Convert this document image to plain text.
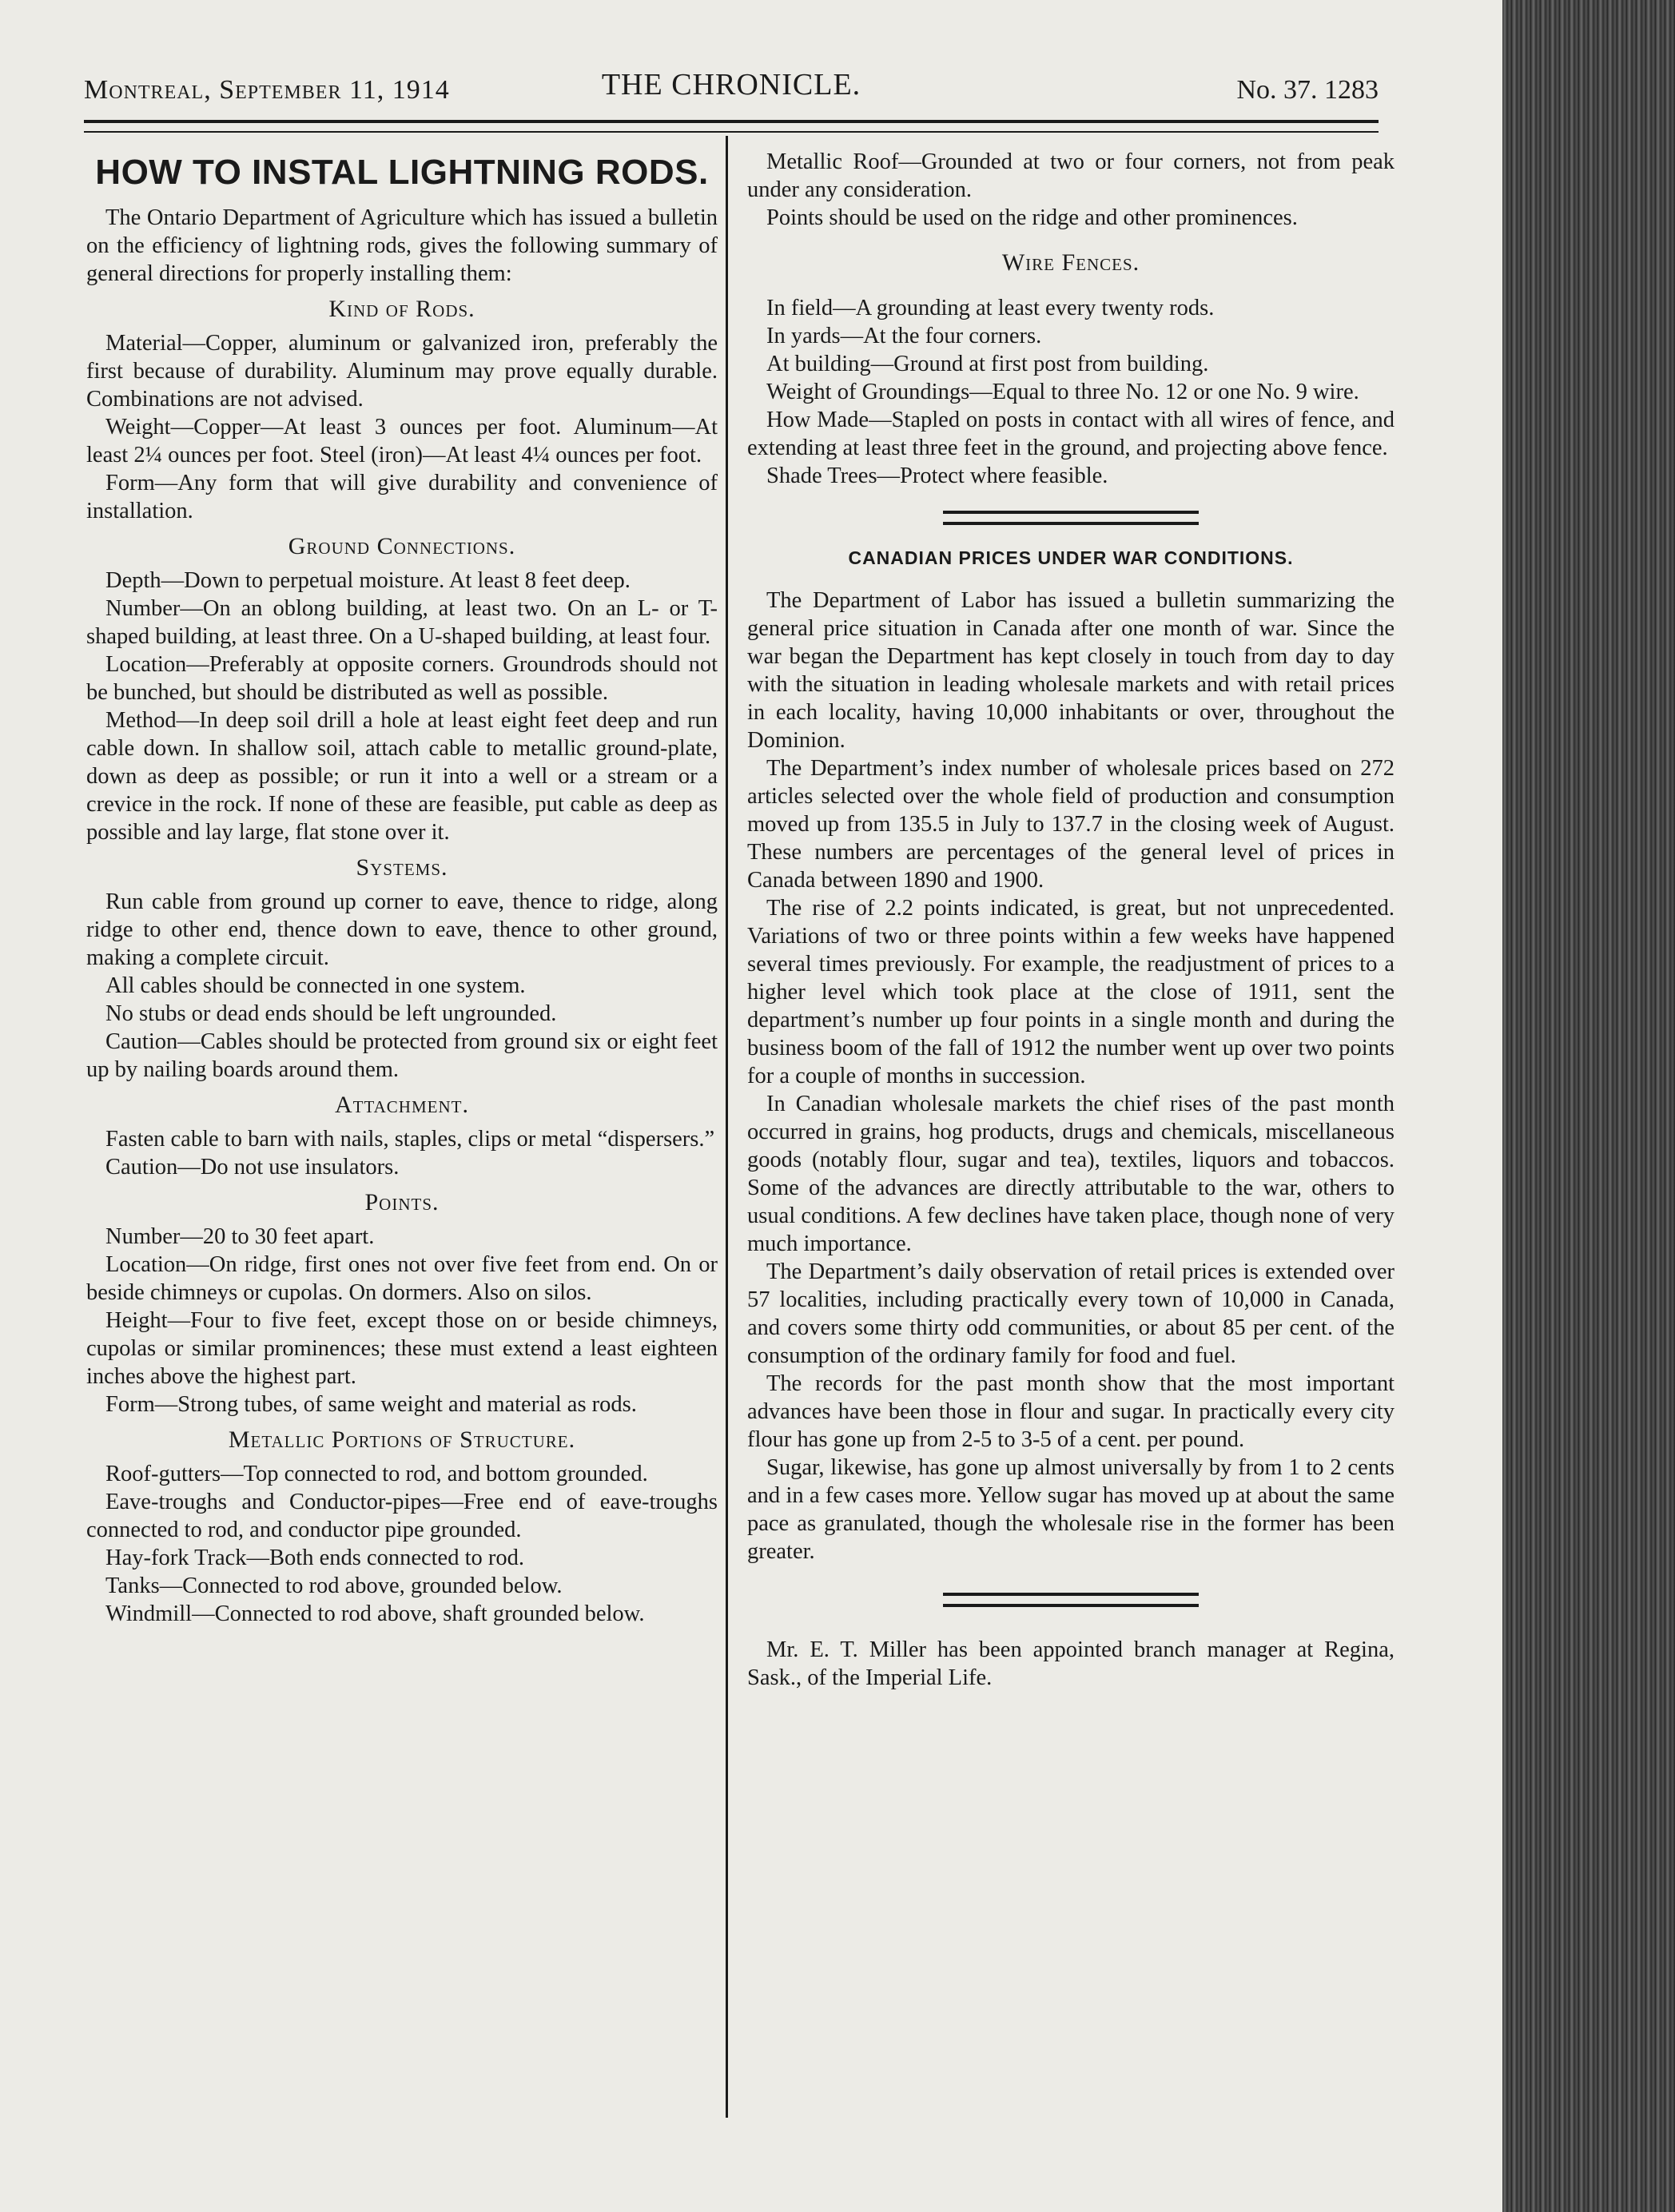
Montreal, September 11, 1914	THE CHRONICLE.	No. 37. 1283
HOW TO INSTAL LIGHTNING RODS.

The Ontario Department of Agriculture which has issued a bulletin on the efficiency of lightning rods, gives the following summary of general directions for properly installing them:

Kind of Rods.

Material—Copper, aluminum or galvanized iron, preferably the first because of durability. Aluminum may prove equally durable. Combinations are not advised.

Weight—Copper—At least 3 ounces per foot. Aluminum—At least 2¼ ounces per foot. Steel (iron)—At least 4¼ ounces per foot.

Form—Any form that will give durability and convenience of installation.

Ground Connections.

Depth—Down to perpetual moisture. At least 8 feet deep.

Number—On an oblong building, at least two. On an L- or T-shaped building, at least three. On a U-shaped building, at least four.

Location—Preferably at opposite corners. Groundrods should not be bunched, but should be distributed as well as possible.

Method—In deep soil drill a hole at least eight feet deep and run cable down. In shallow soil, attach cable to metallic ground-plate, down as deep as possible; or run it into a well or a stream or a crevice in the rock. If none of these are feasible, put cable as deep as possible and lay large, flat stone over it.

Systems.

Run cable from ground up corner to eave, thence to ridge, along ridge to other end, thence down to eave, thence to other ground, making a complete circuit.

All cables should be connected in one system.

No stubs or dead ends should be left ungrounded.

Caution—Cables should be protected from ground six or eight feet up by nailing boards around them.

Attachment.

Fasten cable to barn with nails, staples, clips or metal “dispersers.”

Caution—Do not use insulators.

Points.

Number—20 to 30 feet apart.

Location—On ridge, first ones not over five feet from end. On or beside chimneys or cupolas. On dormers. Also on silos.

Height—Four to five feet, except those on or beside chimneys, cupolas or similar prominences; these must extend a least eighteen inches above the highest part.

Form—Strong tubes, of same weight and material as rods.

Metallic Portions of Structure.

Roof-gutters—Top connected to rod, and bottom grounded.

Eave-troughs and Conductor-pipes—Free end of eave-troughs connected to rod, and conductor pipe grounded.

Hay-fork Track—Both ends connected to rod.

Tanks—Connected to rod above, grounded below.

Windmill—Connected to rod above, shaft grounded below.

Metallic Roof—Grounded at two or four corners, not from peak under any consideration.

Points should be used on the ridge and other prominences.

Wire Fences.

In field—A grounding at least every twenty rods.

In yards—At the four corners.

At building—Ground at first post from building.

Weight of Groundings—Equal to three No. 12 or one No. 9 wire.

How Made—Stapled on posts in contact with all wires of fence, and extending at least three feet in the ground, and projecting above fence.

Shade Trees—Protect where feasible.

CANADIAN PRICES UNDER WAR CONDITIONS.

The Department of Labor has issued a bulletin summarizing the general price situation in Canada after one month of war. Since the war began the Department has kept closely in touch from day to day with the situation in leading wholesale markets and with retail prices in each locality, having 10,000 inhabitants or over, throughout the Dominion.

The Department’s index number of wholesale prices based on 272 articles selected over the whole field of production and consumption moved up from 135.5 in July to 137.7 in the closing week of August. These numbers are percentages of the general level of prices in Canada between 1890 and 1900.

The rise of 2.2 points indicated, is great, but not unprecedented. Variations of two or three points within a few weeks have happened several times previously. For example, the readjustment of prices to a higher level which took place at the close of 1911, sent the department’s number up four points in a single month and during the business boom of the fall of 1912 the number went up over two points for a couple of months in succession.

In Canadian wholesale markets the chief rises of the past month occurred in grains, hog products, drugs and chemicals, miscellaneous goods (notably flour, sugar and tea), textiles, liquors and tobaccos. Some of the advances are directly attributable to the war, others to usual conditions. A few declines have taken place, though none of very much importance.

The Department’s daily observation of retail prices is extended over 57 localities, including practically every town of 10,000 in Canada, and covers some thirty odd communities, or about 85 per cent. of the consumption of the ordinary family for food and fuel.

The records for the past month show that the most important advances have been those in flour and sugar. In practically every city flour has gone up from 2-5 to 3-5 of a cent. per pound.

Sugar, likewise, has gone up almost universally by from 1 to 2 cents and in a few cases more. Yellow sugar has moved up at about the same pace as granulated, though the wholesale rise in the former has been greater.

Mr. E. T. Miller has been appointed branch manager at Regina, Sask., of the Imperial Life.
